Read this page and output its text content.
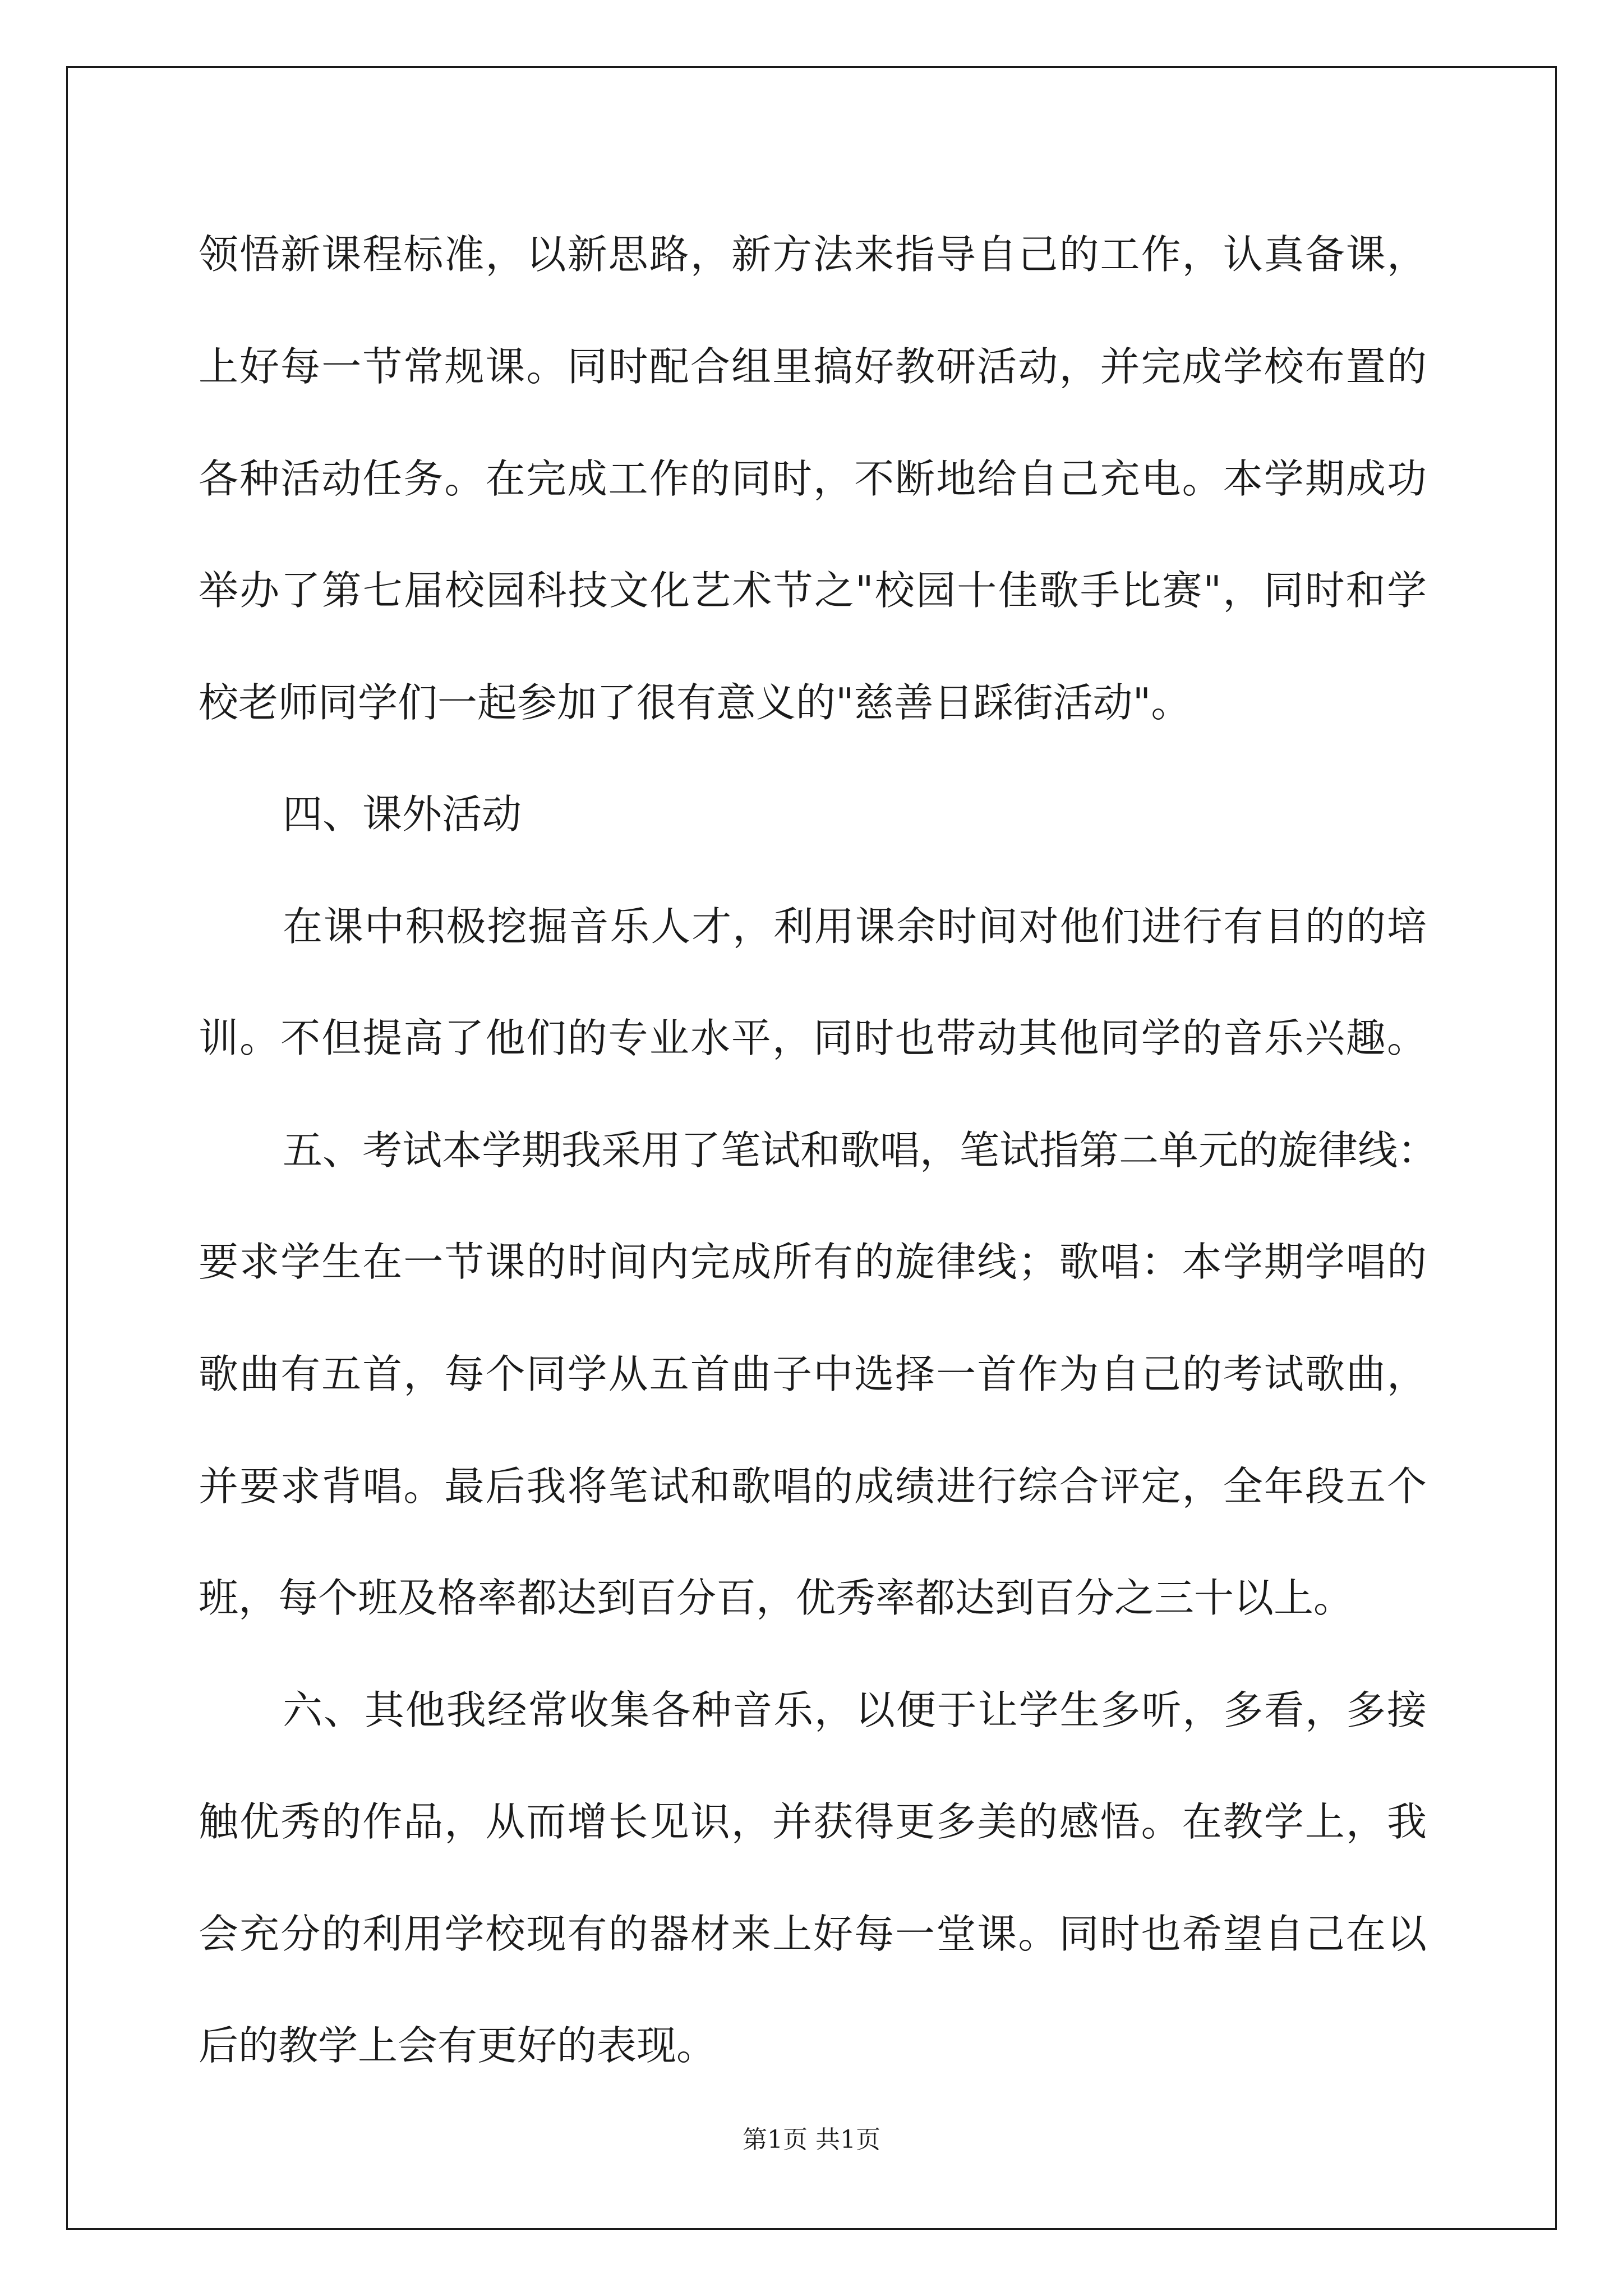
领悟新课程标准，以新思路，新方法来指导自己的工作，认真备课，
上好每一节常规课。同时配合组里搞好教研活动，并完成学校布置的
各种活动任务。在完成工作的同时，不断地给自己充电。本学期成功
举办了第七届校园科技文化艺术节之"校园十佳歌手比赛"，同时和学
校老师同学们一起参加了很有意义的"慈善日踩街活动"。
四、课外活动
在课中积极挖掘音乐人才，利用课余时间对他们进行有目的的培
训。不但提高了他们的专业水平，同时也带动其他同学的音乐兴趣。
五、考试本学期我采用了笔试和歌唱，笔试指第二单元的旋律线：
要求学生在一节课的时间内完成所有的旋律线；歌唱：本学期学唱的
歌曲有五首，每个同学从五首曲子中选择一首作为自己的考试歌曲，
并要求背唱。最后我将笔试和歌唱的成绩进行综合评定，全年段五个
班，每个班及格率都达到百分百，优秀率都达到百分之三十以上。
六、其他我经常收集各种音乐，以便于让学生多听，多看，多接
触优秀的作品，从而增长见识，并获得更多美的感悟。在教学上，我
会充分的利用学校现有的器材来上好每一堂课。同时也希望自己在以
后的教学上会有更好的表现。
第1页 共1页
